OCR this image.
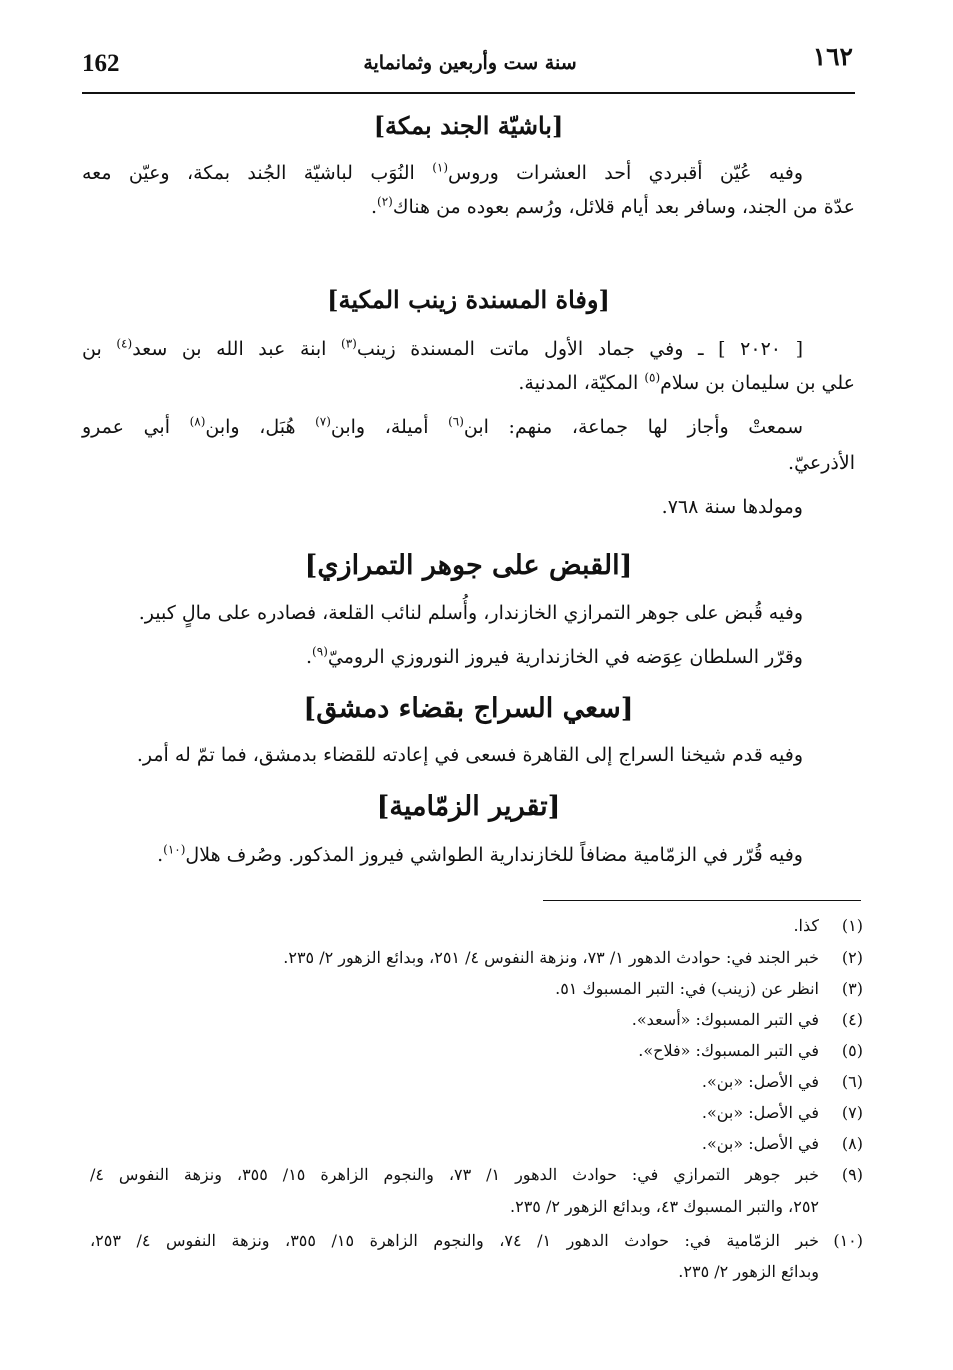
162	سنة ست وأربعين وثمانماية	١٦٢
[باشيّة الجند بمكة]
وفيه عُيّن أقبردي أحد العشرات وروس$^{(١)}$ النُوَب لباشيّة الجُند بمكة، وعيّن معه
عدّة من الجند، وسافر بعد أيام قلائل، ورُسم بعوده من هناك$^{(٢)}$.
[وفاة المسندة زينب المكية]
[ ٢٠٢٠ ] ـ وفي جماد الأول ماتت المسندة زينب$^{(٣)}$ ابنة عبد الله بن سعد$^{(٤)}$ بن
علي بن سليمان بن سلام$^{(٥)}$ المكيّة، المدنية.
سمعتْ وأجاز لها جماعة، منهم: ابن$^{(٦)}$ أميلة، وابن$^{(٧)}$ هُبَل، وابن$^{(٨)}$ أبي عمرو
الأذرعيّ.
ومولدها سنة ٧٦٨.
[القبض على جوهر التمرازي]
وفيه قُبض على جوهر التمرازي الخازندار، وأُسلم لنائب القلعة، فصادره على مالٍ كبير.
وقرّر السلطان عِوَضه في الخازندارية فيروز النوروزي الروميّ$^{(٩)}$.
[سعي السراج بقضاء دمشق]
وفيه قدم شيخنا السراج إلى القاهرة فسعى في إعادته للقضاء بدمشق، فما تمّ له أمر.
[تقرير الزمّامية]
وفيه قُرّر في الزمّامية مضافاً للخازندارية الطواشي فيروز المذكور. وصُرف هلال$^{(١٠)}$.
(١)
كذا.
(٢)
خبر الجند في: حوادث الدهور ١/ ٧٣، ونزهة النفوس ٤/ ٢٥١، وبدائع الزهور ٢/ ٢٣٥.
(٣)
انظر عن (زينب) في: التبر المسبوك ٥١.
(٤)
في التبر المسبوك: «أسعد».
(٥)
في التبر المسبوك: «فلاح».
(٦)
في الأصل: «بن».
(٧)
في الأصل: «بن».
(٨)
في الأصل: «بن».
(٩)
خبر جوهر التمرازي في: حوادث الدهور ١/ ٧٣، والنجوم الزاهرة ١٥/ ٣٥٥، ونزهة النفوس ٤/
٢٥٢، والتبر المسبوك ٤٣، وبدائع الزهور ٢/ ٢٣٥.
(١٠)
خبر الزمّامية في: حوادث الدهور ١/ ٧٤، والنجوم الزاهرة ١٥/ ٣٥٥، ونزهة النفوس ٤/ ٢٥٣،
وبدائع الزهور ٢/ ٢٣٥.
